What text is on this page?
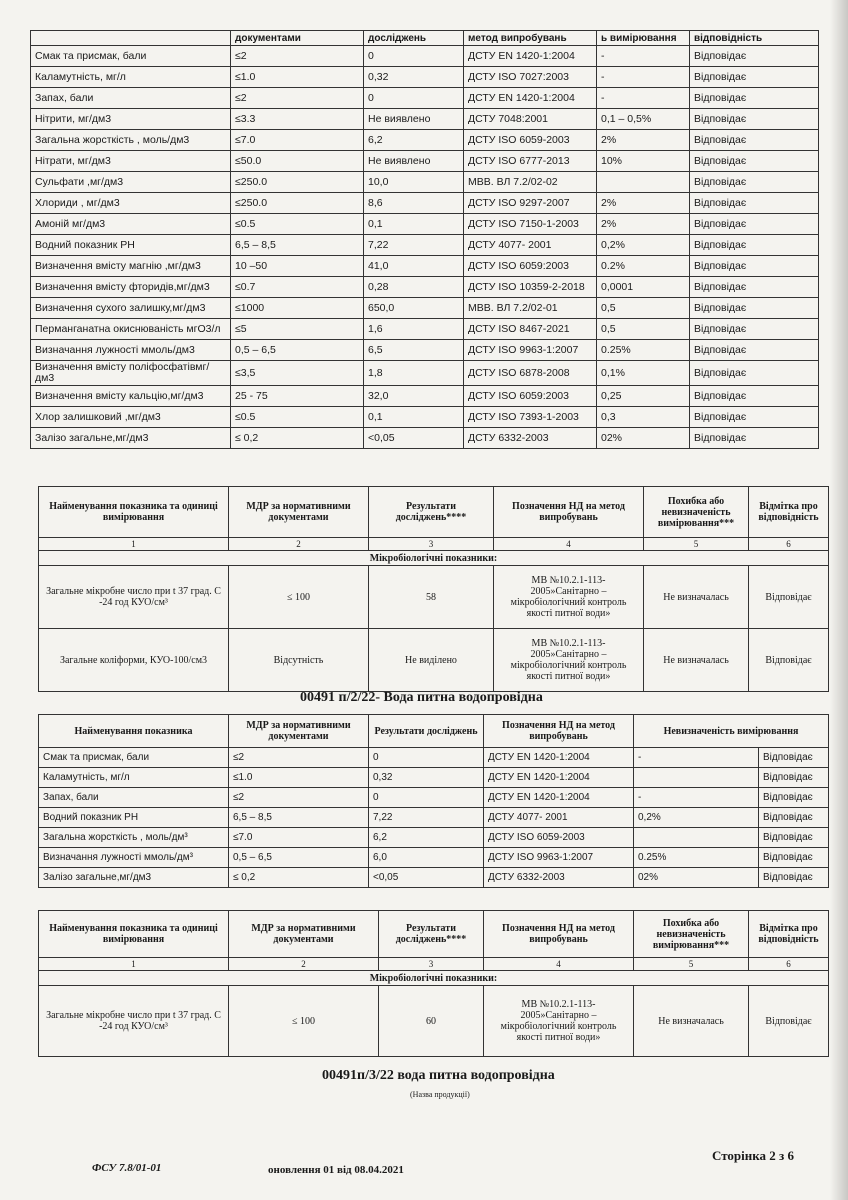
	документами	досліджень	метод випробувань	ь вимірювання	відповідність
Смак та присмак, бали	≤2	0	ДСТУ EN 1420-1:2004	-	Відповідає
Каламутність, мг/л	≤1.0	0,32	ДСТУ ISO 7027:2003	-	Відповідає
Запах, бали	≤2	0	ДСТУ EN 1420-1:2004	-	Відповідає
Нітрити, мг/дм3	≤3.3	Не виявлено	ДСТУ 7048:2001	0,1 – 0,5%	Відповідає
Загальна жорсткість , моль/дм3	≤7.0	6,2	ДСТУ ISO 6059-2003	2%	Відповідає
Нітрати, мг/дм3	≤50.0	Не виявлено	ДСТУ ISO 6777-2013	10%	Відповідає
Сульфати ,мг/дм3	≤250.0	10,0	МВВ. ВЛ 7.2/02-02		Відповідає
Хлориди , мг/дм3	≤250.0	8,6	ДСТУ ISO 9297-2007	2%	Відповідає
Амоній мг/дм3	≤0.5	0,1	ДСТУ ISO 7150-1-2003	2%	Відповідає
Водний показник РН	6,5 – 8,5	7,22	ДСТУ 4077- 2001	0,2%	Відповідає
Визначення вмісту магнію ,мг/дм3	10 –50	41,0	ДСТУ ISO 6059:2003	0.2%	Відповідає
Визначення вмісту фторидів,мг/дм3	≤0.7	0,28	ДСТУ ISO 10359-2-2018	0,0001	Відповідає
Визначення сухого залишку,мг/дм3	≤1000	650,0	МВВ. ВЛ 7.2/02-01	0,5	Відповідає
Перманганатна окиснюваність мгО3/л	≤5	1,6	ДСТУ ISO 8467-2021	0,5	Відповідає
Визначання лужності ммоль/дм3	0,5 – 6,5	6,5	ДСТУ ISO 9963-1:2007	0.25%	Відповідає
Визначення вмісту поліфосфатівмг/дм3	≤3,5	1,8	ДСТУ ISO 6878-2008	0,1%	Відповідає
Визначення вмісту кальцію,мг/дм3	25 - 75	32,0	ДСТУ ISO 6059:2003	0,25	Відповідає
Хлор залишковий ,мг/дм3	≤0.5	0,1	ДСТУ ISO 7393-1-2003	0,3	Відповідає
Залізо загальне,мг/дм3	≤ 0,2	<0,05	ДСТУ 6332-2003	02%	Відповідає
Найменування показника та одиниці вимірювання	МДР за нормативними документами	Результати досліджень****	Позначення НД на метод випробувань	Похибка або невизначеність вимірювання***	Відмітка про відповідність
1	2	3	4	5	6
Мікробіологічні показники:					
Загальне мікробне число при t 37 град. С -24 год КУО/см³	≤ 100	58	МВ №10.2.1-113-2005»Санітарно – мікробіологічний контроль якості питної води»	Не визначалась	Відповідає
Загальне коліформи, КУО-100/см3	Відсутність	Не виділено	МВ №10.2.1-113-2005»Санітарно – мікробіологічний контроль якості питної води»	Не визначалась	Відповідає
00491 п/2/22- Вода питна водопровідна
Найменування показника	МДР за нормативними документами	Результати досліджень	Позначення НД на метод випробувань	Невизначеність вимірювання	
Смак та присмак, бали	≤2	0	ДСТУ EN 1420-1:2004	-	Відповідає
Каламутність, мг/л	≤1.0	0,32	ДСТУ EN 1420-1:2004		Відповідає
Запах, бали	≤2	0	ДСТУ EN 1420-1:2004	-	Відповідає
Водний показник РН	6,5 – 8,5	7,22	ДСТУ 4077- 2001	0,2%	Відповідає
Загальна жорсткість , моль/дм³	≤7.0	6,2	ДСТУ ISO 6059-2003		Відповідає
Визначання лужності ммоль/дм³	0,5 – 6,5	6,0	ДСТУ ISO 9963-1:2007	0.25%	Відповідає
Залізо загальне,мг/дм3	≤ 0,2	<0,05	ДСТУ 6332-2003	02%	Відповідає
Найменування показника та одиниці вимірювання	МДР за нормативними документами	Результати досліджень****	Позначення НД на метод випробувань	Похибка або невизначеність вимірювання***	Відмітка про відповідність
1	2	3	4	5	6
Мікробіологічні показники:					
Загальне мікробне число при t 37 град. С -24 год КУО/см³	≤ 100	60	МВ №10.2.1-113-2005»Санітарно – мікробіологічний контроль якості питної води»	Не визначалась	Відповідає
00491п/3/22 вода питна водопровідна
(Назва продукції)
ФСУ 7.8/01-01	оновлення 01 від 08.04.2021
Сторінка 2 з 6
